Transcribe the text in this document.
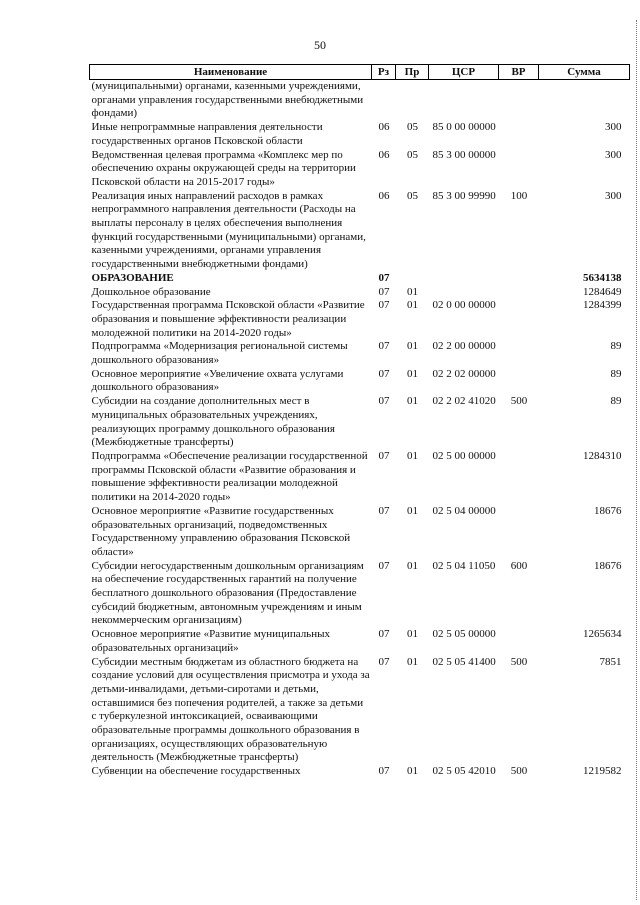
50
Наименование	Рз	Пр	ЦСР	ВР	Сумма
(муниципальными) органами, казенными учреждениями, органами управления государственными внебюджетными фондами)					
Иные непрограммные направления деятельности государственных органов Псковской области	06	05	85 0 00 00000		300
Ведомственная целевая программа «Комплекс мер по обеспечению охраны окружающей среды на территории Псковской области на 2015-2017 годы»	06	05	85 3 00 00000		300
Реализация иных направлений расходов в рамках непрограммного направления деятельности (Расходы на выплаты персоналу в целях обеспечения выполнения функций государственными (муниципальными) органами, казенными учреждениями, органами управления государственными внебюджетными фондами)	06	05	85 3 00 99990	100	300
ОБРАЗОВАНИЕ	07				5634138
Дошкольное образование	07	01			1284649
Государственная программа Псковской области «Развитие образования и повышение эффективности реализации молодежной политики на 2014-2020 годы»	07	01	02 0 00 00000		1284399
Подпрограмма «Модернизация региональной системы дошкольного образования»	07	01	02 2 00 00000		89
Основное мероприятие «Увеличение охвата услугами дошкольного образования»	07	01	02 2 02 00000		89
Субсидии на создание дополнительных мест в муниципальных образовательных учреждениях, реализующих программу дошкольного образования (Межбюджетные трансферты)	07	01	02 2 02 41020	500	89
Подпрограмма «Обеспечение реализации государственной программы Псковской области «Развитие образования и повышение эффективности реализации молодежной политики на 2014-2020 годы»	07	01	02 5 00 00000		1284310
Основное мероприятие «Развитие государственных образовательных организаций, подведомственных Государственному управлению образования Псковской области»	07	01	02 5 04 00000		18676
Субсидии негосударственным дошкольным организациям на обеспечение государственных гарантий на получение бесплатного дошкольного образования (Предоставление субсидий бюджетным, автономным учреждениям и иным некоммерческим организациям)	07	01	02 5 04 11050	600	18676
Основное мероприятие «Развитие муниципальных образовательных организаций»	07	01	02 5 05 00000		1265634
Субсидии местным бюджетам из областного бюджета на создание условий для осуществления присмотра и ухода за детьми-инвалидами, детьми-сиротами и детьми, оставшимися без попечения родителей, а также за детьми с туберкулезной интоксикацией, осваивающими образовательные программы дошкольного образования в организациях, осуществляющих образовательную деятельность (Межбюджетные трансферты)	07	01	02 5 05 41400	500	7851
Субвенции на обеспечение государственных	07	01	02 5 05 42010	500	1219582
